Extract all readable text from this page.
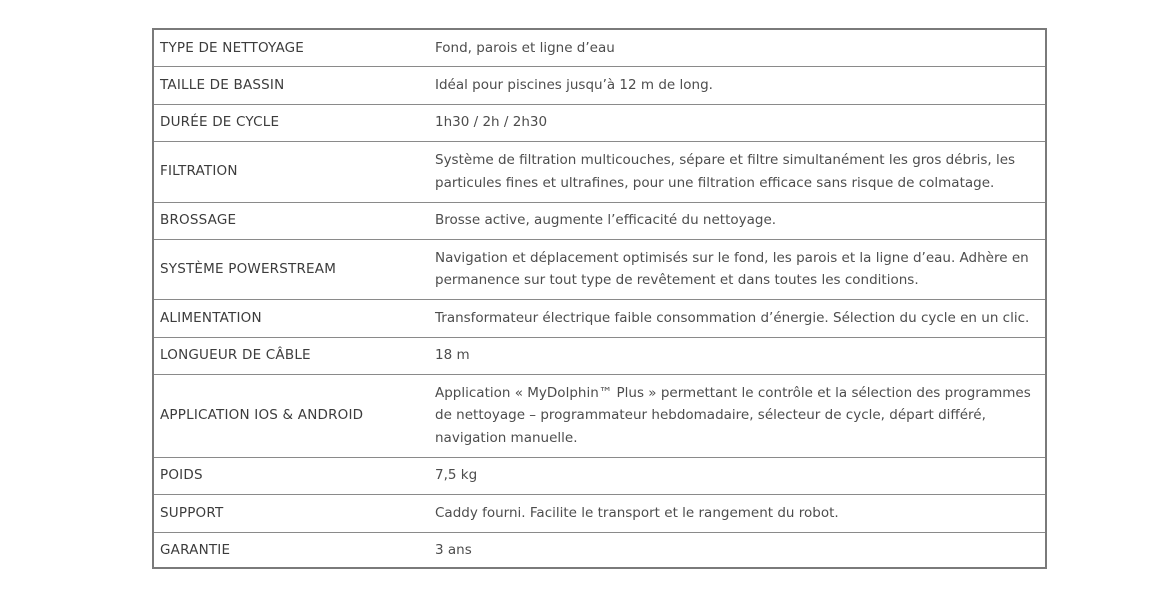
TYPE DE NETTOYAGE	Fond, parois et ligne d’eau
TAILLE DE BASSIN	Idéal pour piscines jusqu’à 12 m de long.
DURÉE DE CYCLE	1h30 / 2h / 2h30
FILTRATION	Système de filtration multicouches, sépare et filtre simultanément les gros débris, les particules fines et ultrafines, pour une filtration efficace sans risque de colmatage.
BROSSAGE	Brosse active, augmente l’efficacité du nettoyage.
SYSTÈME POWERSTREAM	Navigation et déplacement optimisés sur le fond, les parois et la ligne d’eau. Adhère en permanence sur tout type de revêtement et dans toutes les conditions.
ALIMENTATION	Transformateur électrique faible consommation d’énergie. Sélection du cycle en un clic.
LONGUEUR DE CÂBLE	18 m
APPLICATION IOS & ANDROID	Application « MyDolphin™ Plus » permettant le contrôle et la sélection des programmes de nettoyage – programmateur hebdomadaire, sélecteur de cycle, départ différé, navigation manuelle.
POIDS	7,5 kg
SUPPORT	Caddy fourni. Facilite le transport et le rangement du robot.
GARANTIE	3 ans
